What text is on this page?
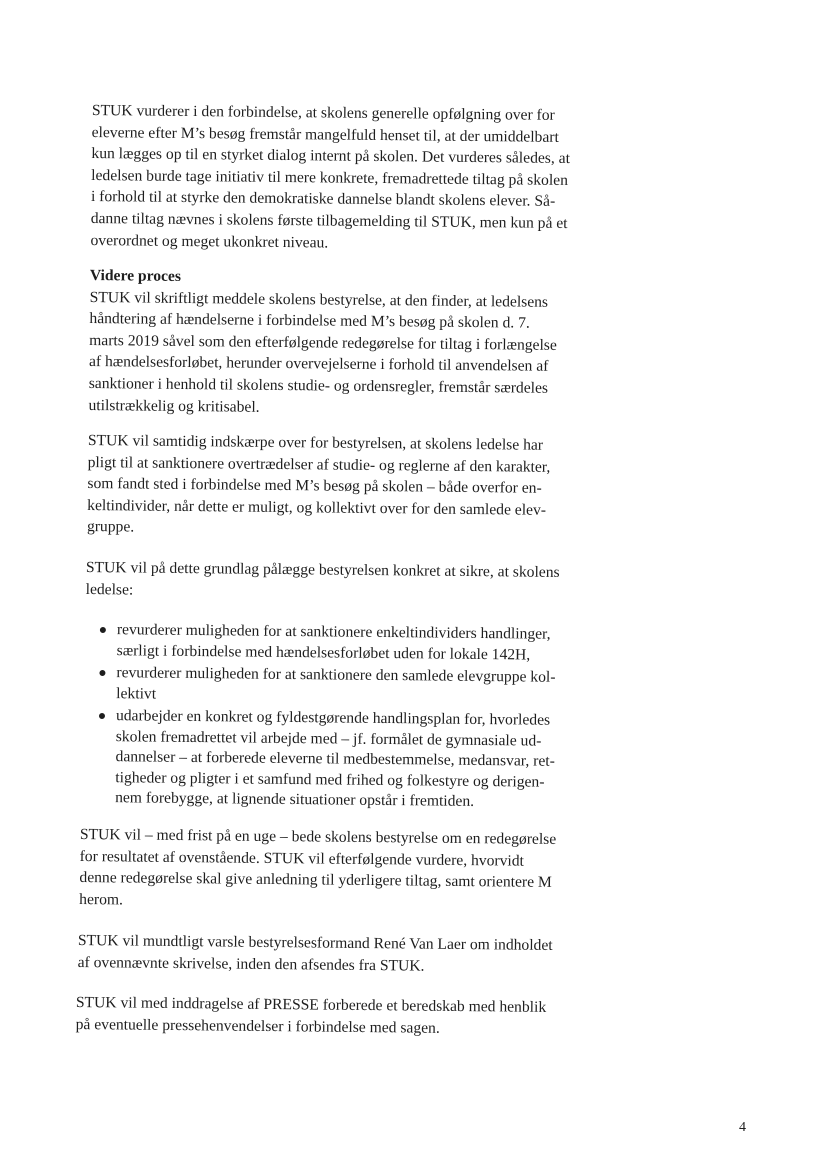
STUK vurderer i den forbindelse, at skolens generelle opfølgning over for
eleverne efter M’s besøg fremstår mangelfuld henset til, at der umiddelbart
kun lægges op til en styrket dialog internt på skolen. Det vurderes således, at
ledelsen burde tage initiativ til mere konkrete, fremadrettede tiltag på skolen
i forhold til at styrke den demokratiske dannelse blandt skolens elever. Så-
danne tiltag nævnes i skolens første tilbagemelding til STUK, men kun på et
overordnet og meget ukonkret niveau.
Videre proces
STUK vil skriftligt meddele skolens bestyrelse, at den finder, at ledelsens
håndtering af hændelserne i forbindelse med M’s besøg på skolen d. 7.
marts 2019 såvel som den efterfølgende redegørelse for tiltag i forlængelse
af hændelsesforløbet, herunder overvejelserne i forhold til anvendelsen af
sanktioner i henhold til skolens studie- og ordensregler, fremstår særdeles
utilstrækkelig og kritisabel.
STUK vil samtidig indskærpe over for bestyrelsen, at skolens ledelse har
pligt til at sanktionere overtrædelser af studie- og reglerne af den karakter,
som fandt sted i forbindelse med M’s besøg på skolen – både overfor en-
keltindivider, når dette er muligt, og kollektivt over for den samlede elev-
gruppe.
STUK vil på dette grundlag pålægge bestyrelsen konkret at sikre, at skolens
ledelse:
revurderer muligheden for at sanktionere enkeltindividers handlinger,
særligt i forbindelse med hændelsesforløbet uden for lokale 142H,
revurderer muligheden for at sanktionere den samlede elevgruppe kol-
lektivt
udarbejder en konkret og fyldestgørende handlingsplan for, hvorledes
skolen fremadrettet vil arbejde med – jf. formålet de gymnasiale ud-
dannelser – at forberede eleverne til medbestemmelse, medansvar, ret-
tigheder og pligter i et samfund med frihed og folkestyre og derigen-
nem forebygge, at lignende situationer opstår i fremtiden.
STUK vil – med frist på en uge – bede skolens bestyrelse om en redegørelse
for resultatet af ovenstående. STUK vil efterfølgende vurdere, hvorvidt
denne redegørelse skal give anledning til yderligere tiltag, samt orientere M
herom.
STUK vil mundtligt varsle bestyrelsesformand René Van Laer om indholdet
af ovennævnte skrivelse, inden den afsendes fra STUK.
STUK vil med inddragelse af PRESSE forberede et beredskab med henblik
på eventuelle pressehenvendelser i forbindelse med sagen.
4
